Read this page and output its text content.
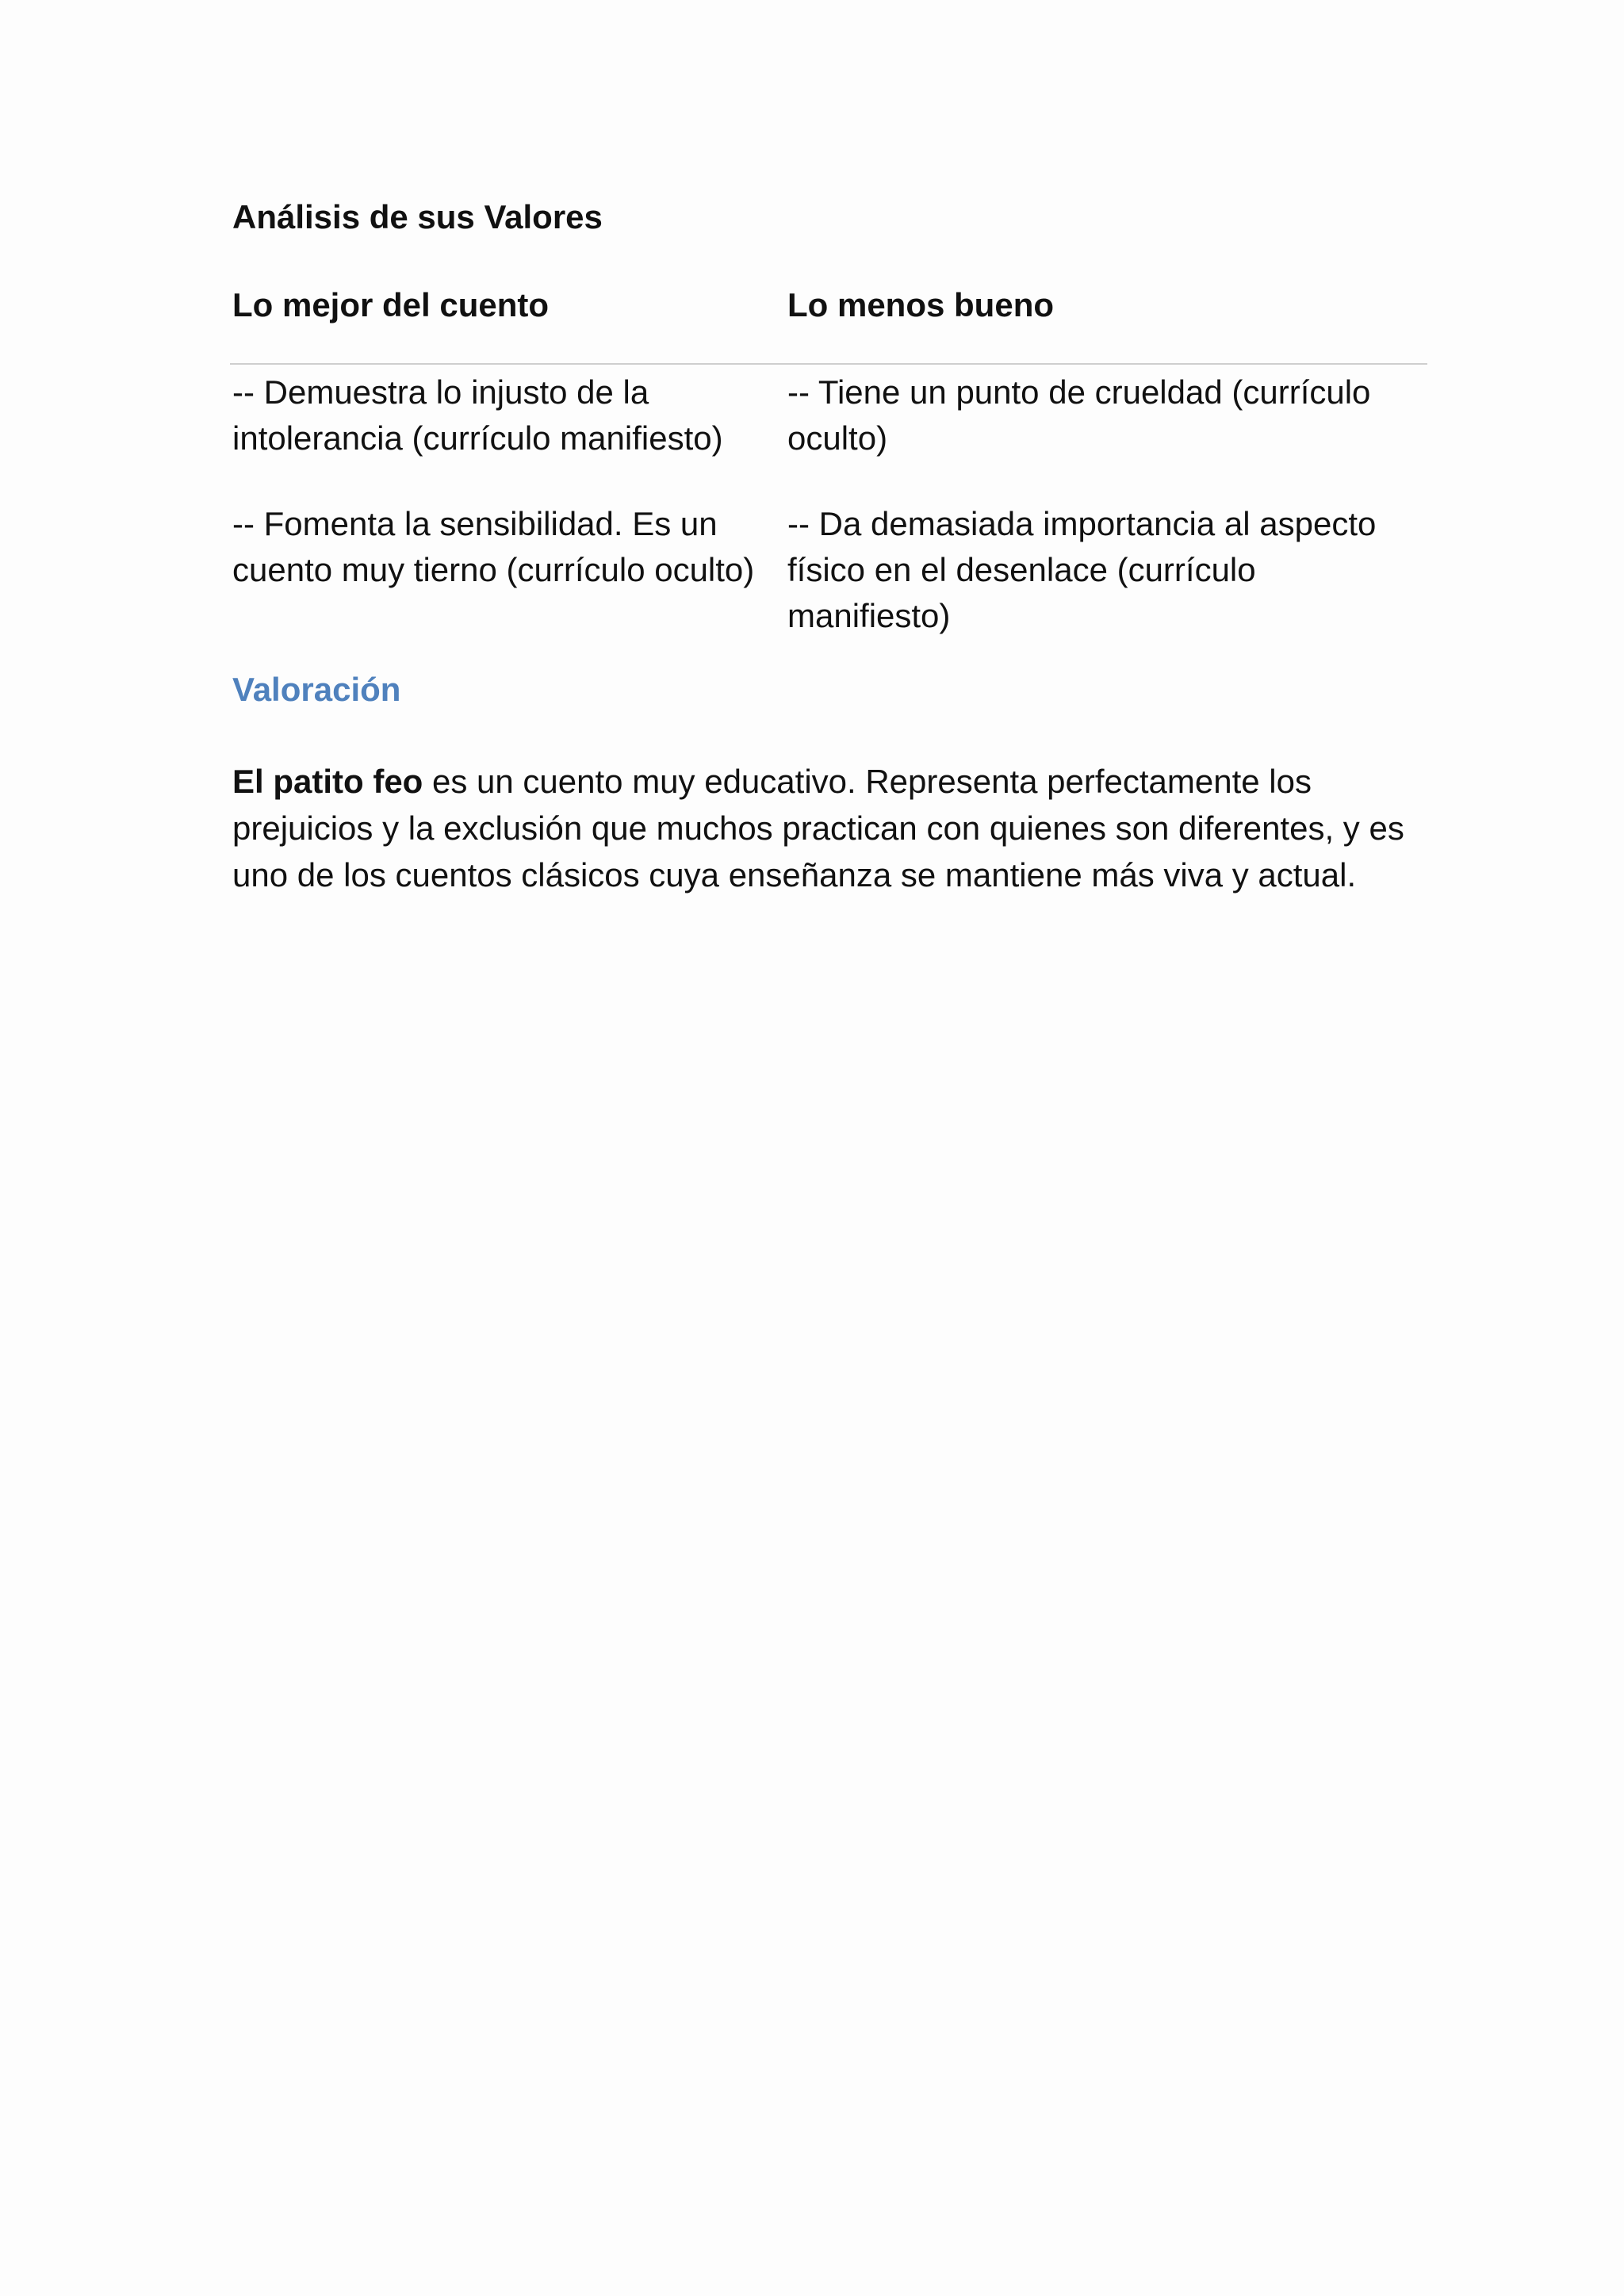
Análisis de sus Valores
Lo mejor del cuento	Lo menos bueno
-- Demuestra lo injusto de la intolerancia (currículo manifiesto)
-- Tiene un punto de crueldad (currículo oculto)
-- Fomenta la sensibilidad. Es un cuento muy tierno (currículo oculto)
-- Da demasiada importancia al aspecto físico en el desenlace (currículo manifiesto)
Valoración

El patito feo es un cuento muy educativo. Representa perfectamente los prejuicios y la exclusión que muchos practican con quienes son diferentes, y es uno de los cuentos clásicos cuya enseñanza se mantiene más viva y actual.
